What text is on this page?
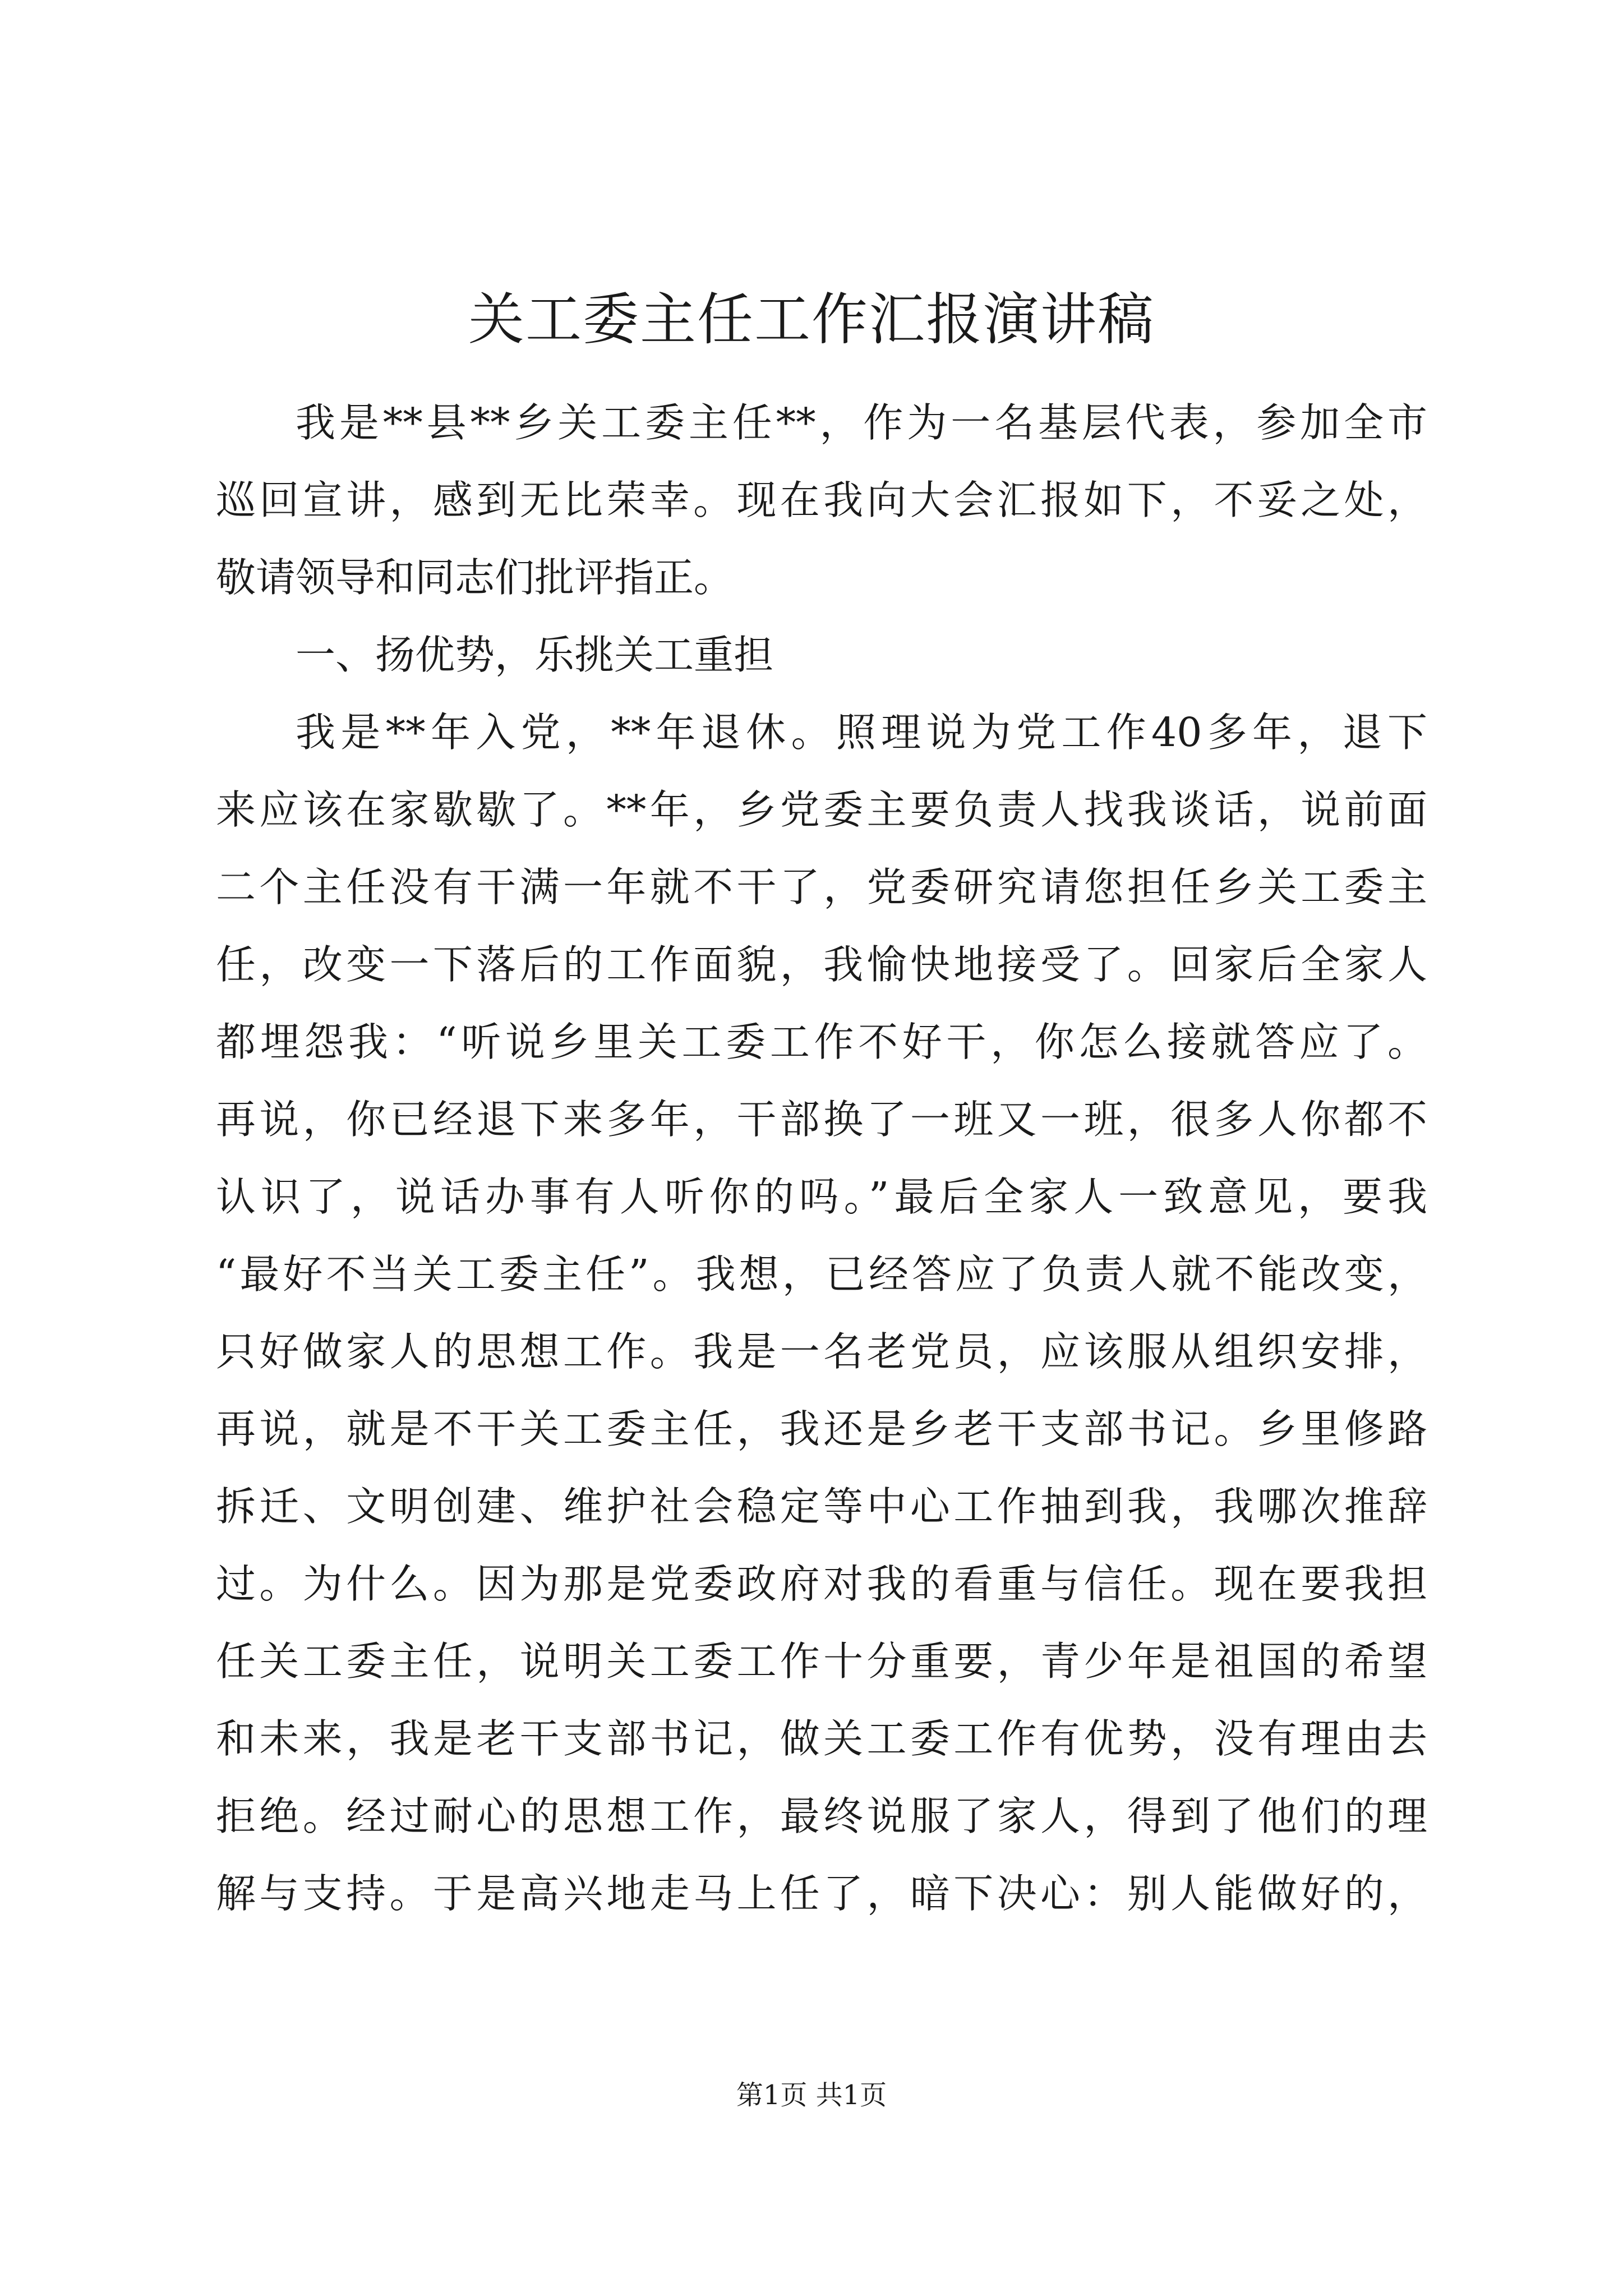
关工委主任工作汇报演讲稿
我是**县**乡关工委主任**，作为一名基层代表，参加全市
巡回宣讲，感到无比荣幸。现在我向大会汇报如下，不妥之处，
敬请领导和同志们批评指正。
一、扬优势，乐挑关工重担
我是**年入党，**年退休。照理说为党工作40多年，退下
来应该在家歇歇了。**年，乡党委主要负责人找我谈话，说前面
二个主任没有干满一年就不干了，党委研究请您担任乡关工委主
任，改变一下落后的工作面貌，我愉快地接受了。回家后全家人
都埋怨我：“听说乡里关工委工作不好干，你怎么接就答应了。
再说，你已经退下来多年，干部换了一班又一班，很多人你都不
认识了，说话办事有人听你的吗。”最后全家人一致意见，要我
“最好不当关工委主任”。我想，已经答应了负责人就不能改变，
只好做家人的思想工作。我是一名老党员，应该服从组织安排，
再说，就是不干关工委主任，我还是乡老干支部书记。乡里修路
拆迁、文明创建、维护社会稳定等中心工作抽到我，我哪次推辞
过。为什么。因为那是党委政府对我的看重与信任。现在要我担
任关工委主任，说明关工委工作十分重要，青少年是祖国的希望
和未来，我是老干支部书记，做关工委工作有优势，没有理由去
拒绝。经过耐心的思想工作，最终说服了家人，得到了他们的理
解与支持。于是高兴地走马上任了，暗下决心：别人能做好的，
第1页 共1页
